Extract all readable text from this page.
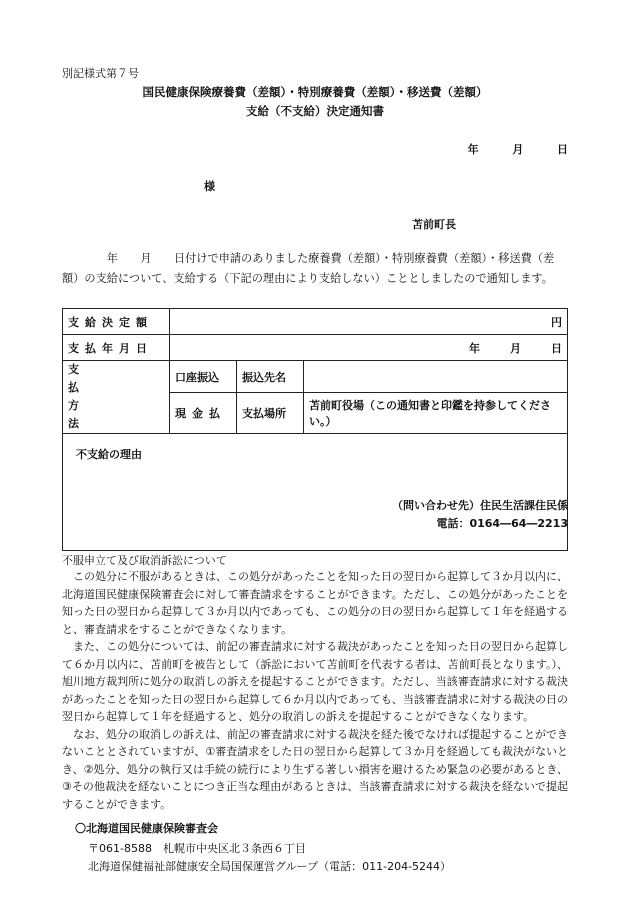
別記様式第７号
国民健康保険療養費（差額）・特別療養費（差額）・移送費（差額）
支給（不支給）決定通知書
年	月	日
様
苫前町長
　　　　年　　月　　日付けで申請のありました療養費（差額）・特別療養費（差額）・移送費（差額）の支給について、支給する（下記の理由により支給しない）こととしましたので通知します。
支給決定額	円		
支払年月日	年 月 日		

支払方法	口座振込	振込先名	
	現金払	支払場所	苫前町役場（この通知書と印鑑を持参してください。）
不支給の理由			
（問い合わせ先）住民生活課住民係
電話：0164―64―2213
不服申立て及び取消訴訟について

この処分に不服があるときは、この処分があったことを知った日の翌日から起算して３か月以内に、北海道国民健康保険審査会に対して審査請求をすることができます。ただし、この処分があったことを知った日の翌日から起算して３か月以内であっても、この処分の日の翌日から起算して１年を経過すると、審査請求をすることができなくなります。

また、この処分については、前記の審査請求に対する裁決があったことを知った日の翌日から起算して６か月以内に、苫前町を被告として（訴訟において苫前町を代表する者は、苫前町長となります。）、旭川地方裁判所に処分の取消しの訴えを提起することができます。ただし、当該審査請求に対する裁決があったことを知った日の翌日から起算して６か月以内であっても、当該審査請求に対する裁決の日の翌日から起算して１年を経過すると、処分の取消しの訴えを提起することができなくなります。

なお、処分の取消しの訴えは、前記の審査請求に対する裁決を経た後でなければ提起することができないこととされていますが、①審査請求をした日の翌日から起算して３か月を経過しても裁決がないとき、②処分、処分の執行又は手続の続行により生ずる著しい損害を避けるため緊急の必要があるとき、③その他裁決を経ないことにつき正当な理由があるときは、当該審査請求に対する裁決を経ないで提起することができます。

〇北海道国民健康保険審査会
〒061-8588　札幌市中央区北３条西６丁目
北海道保健福祉部健康安全局国保運営グループ（電話：011-204-5244）
